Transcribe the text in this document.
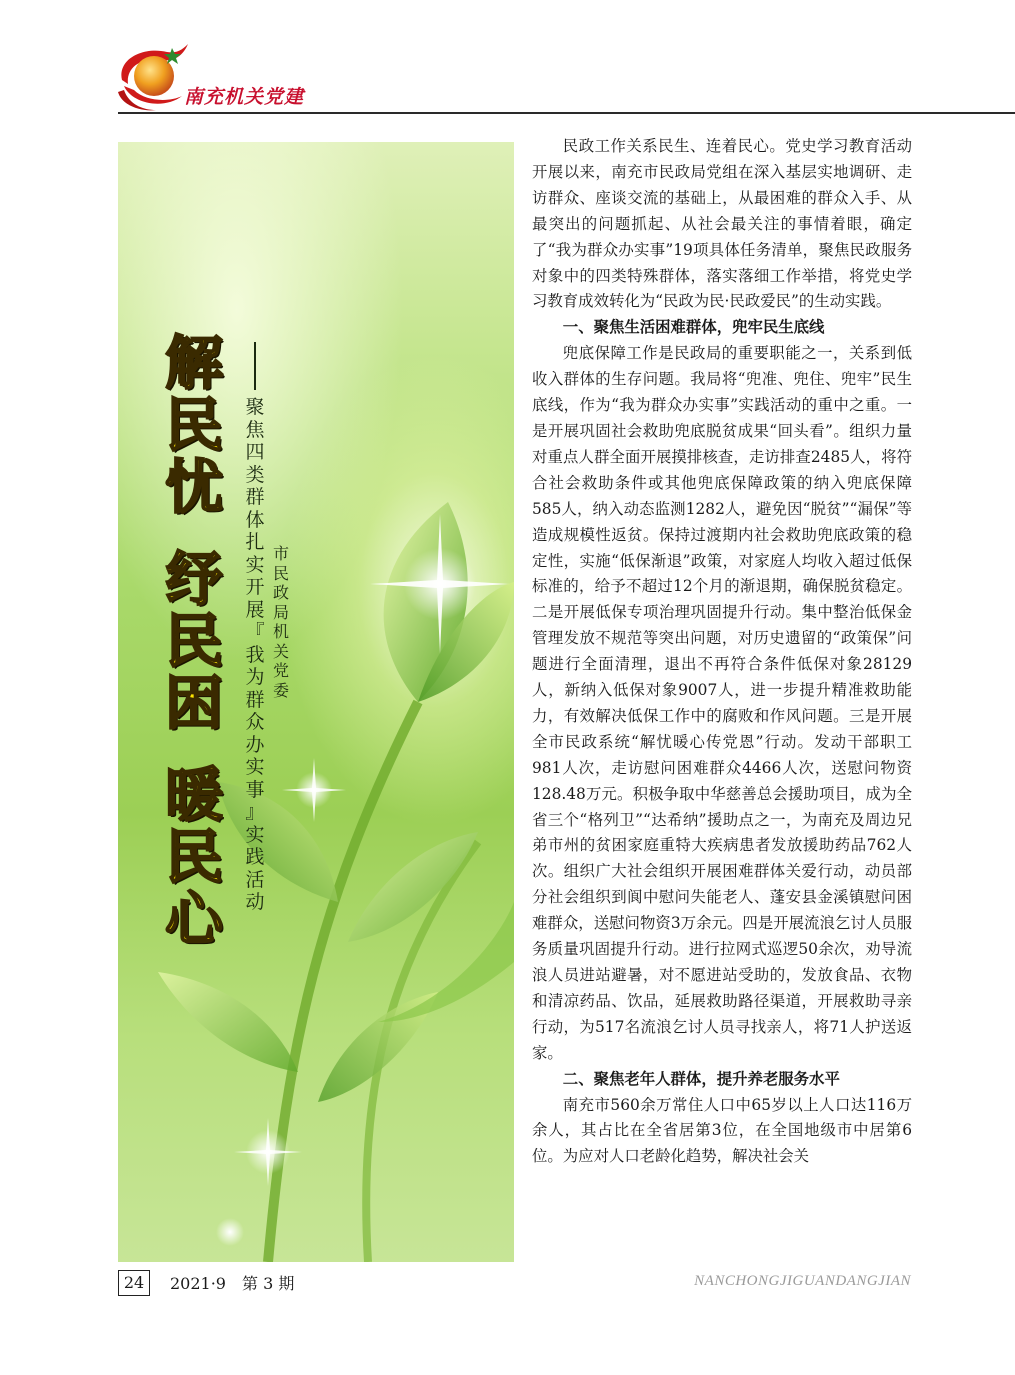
南充机关党建
解
民
忧
纾
民
困
暖
民
心
聚
焦
四
类
群
体
扎
实
开
展
『
我
为
群
众
办
实
事
』
实
践
活
动
市
民
政
局
机
关
党
委

民政工作关系民生、连着民心。党史学习教育活动开展以来，南充市民政局党组在深入基层实地调研、走访群众、座谈交流的基础上，从最困难的群众入手、从最突出的问题抓起、从社会最关注的事情着眼，确定了“我为群众办实事”19项具体任务清单，聚焦民政服务对象中的四类特殊群体，落实落细工作举措，将党史学习教育成效转化为“民政为民·民政爱民”的生动实践。

一、聚焦生活困难群体，兜牢民生底线

兜底保障工作是民政局的重要职能之一，关系到低收入群体的生存问题。我局将“兜准、兜住、兜牢”民生底线，作为“我为群众办实事”实践活动的重中之重。一是开展巩固社会救助兜底脱贫成果“回头看”。组织力量对重点人群全面开展摸排核查，走访排查2485人，将符合社会救助条件或其他兜底保障政策的纳入兜底保障585人，纳入动态监测1282人，避免因“脱贫”“漏保”等造成规模性返贫。保持过渡期内社会救助兜底政策的稳定性，实施“低保渐退”政策，对家庭人均收入超过低保标准的，给予不超过12个月的渐退期，确保脱贫稳定。二是开展低保专项治理巩固提升行动。集中整治低保金管理发放不规范等突出问题，对历史遗留的“政策保”问题进行全面清理，退出不再符合条件低保对象28129人，新纳入低保对象9007人，进一步提升精准救助能力，有效解决低保工作中的腐败和作风问题。三是开展全市民政系统“解忧暖心传党恩”行动。发动干部职工981人次，走访慰问困难群众4466人次，送慰问物资128.48万元。积极争取中华慈善总会援助项目，成为全省三个“格列卫”“达希纳”援助点之一，为南充及周边兄弟市州的贫困家庭重特大疾病患者发放援助药品762人次。组织广大社会组织开展困难群体关爱行动，动员部分社会组织到阆中慰问失能老人、蓬安县金溪镇慰问困难群众，送慰问物资3万余元。四是开展流浪乞讨人员服务质量巩固提升行动。进行拉网式巡逻50余次，劝导流浪人员进站避暑，对不愿进站受助的，发放食品、衣物和清凉药品、饮品，延展救助路径渠道，开展救助寻亲行动，为517名流浪乞讨人员寻找亲人，将71人护送返家。

二、聚焦老年人群体，提升养老服务水平

南充市560余万常住人口中65岁以上人口达116万余人，其占比在全省居第3位，在全国地级市中居第6位。为应对人口老龄化趋势，解决社会关

24	2021·9　第 3 期	NANCHONGJIGUANDANGJIAN
